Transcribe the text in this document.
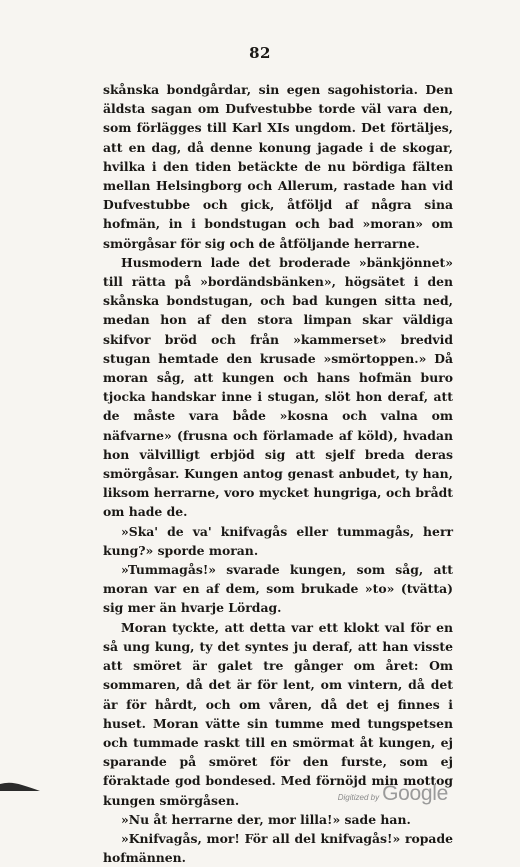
82

skånska bondgårdar, sin egen sagohistoria. Den äldsta sagan om Dufvestubbe torde väl vara den, som förlägges till Karl XIs ungdom. Det förtäljes, att en dag, då denne konung jagade i de skogar, hvilka i den tiden betäckte de nu bördiga fälten mellan Helsingborg och Allerum, rastade han vid Dufvestubbe och gick, åtföljd af några sina hofmän, in i bondstugan och bad »moran» om smörgåsar för sig och de åtföljande herrarne.

Husmodern lade det broderade »bänkjönnet» till rätta på »bordändsbänken», högsätet i den skånska bondstugan, och bad kungen sitta ned, medan hon af den stora limpan skar väldiga skifvor bröd och från »kammerset» bredvid stugan hemtade den krusade »smörtoppen.» Då moran såg, att kungen och hans hofmän buro tjocka handskar inne i stugan, slöt hon deraf, att de måste vara både »kosna och valna om näfvarne» (frusna och förlamade af köld), hvadan hon välvilligt erbjöd sig att sjelf breda deras smörgåsar. Kungen antog genast anbudet, ty han, liksom herrarne, voro mycket hungriga, och brådt om hade de.

»Ska' de va' knifvagås eller tummagås, herr kung?» sporde moran.

»Tummagås!» svarade kungen, som såg, att moran var en af dem, som brukade »to» (tvätta) sig mer än hvarje Lördag.

Moran tyckte, att detta var ett klokt val för en så ung kung, ty det syntes ju deraf, att han visste att smöret är galet tre gånger om året: Om sommaren, då det är för lent, om vintern, då det är för hårdt, och om våren, då det ej finnes i huset. Moran vätte sin tumme med tungspetsen och tummade raskt till en smörmat åt kungen, ej sparande på smöret för den furste, som ej föraktade god bondesed. Med förnöjd min mottog kungen smörgåsen.

»Nu åt herrarne der, mor lilla!» sade han.

»Knifvagås, mor! För all del knifvagås!» ropade hofmännen.

Digitized by Google
